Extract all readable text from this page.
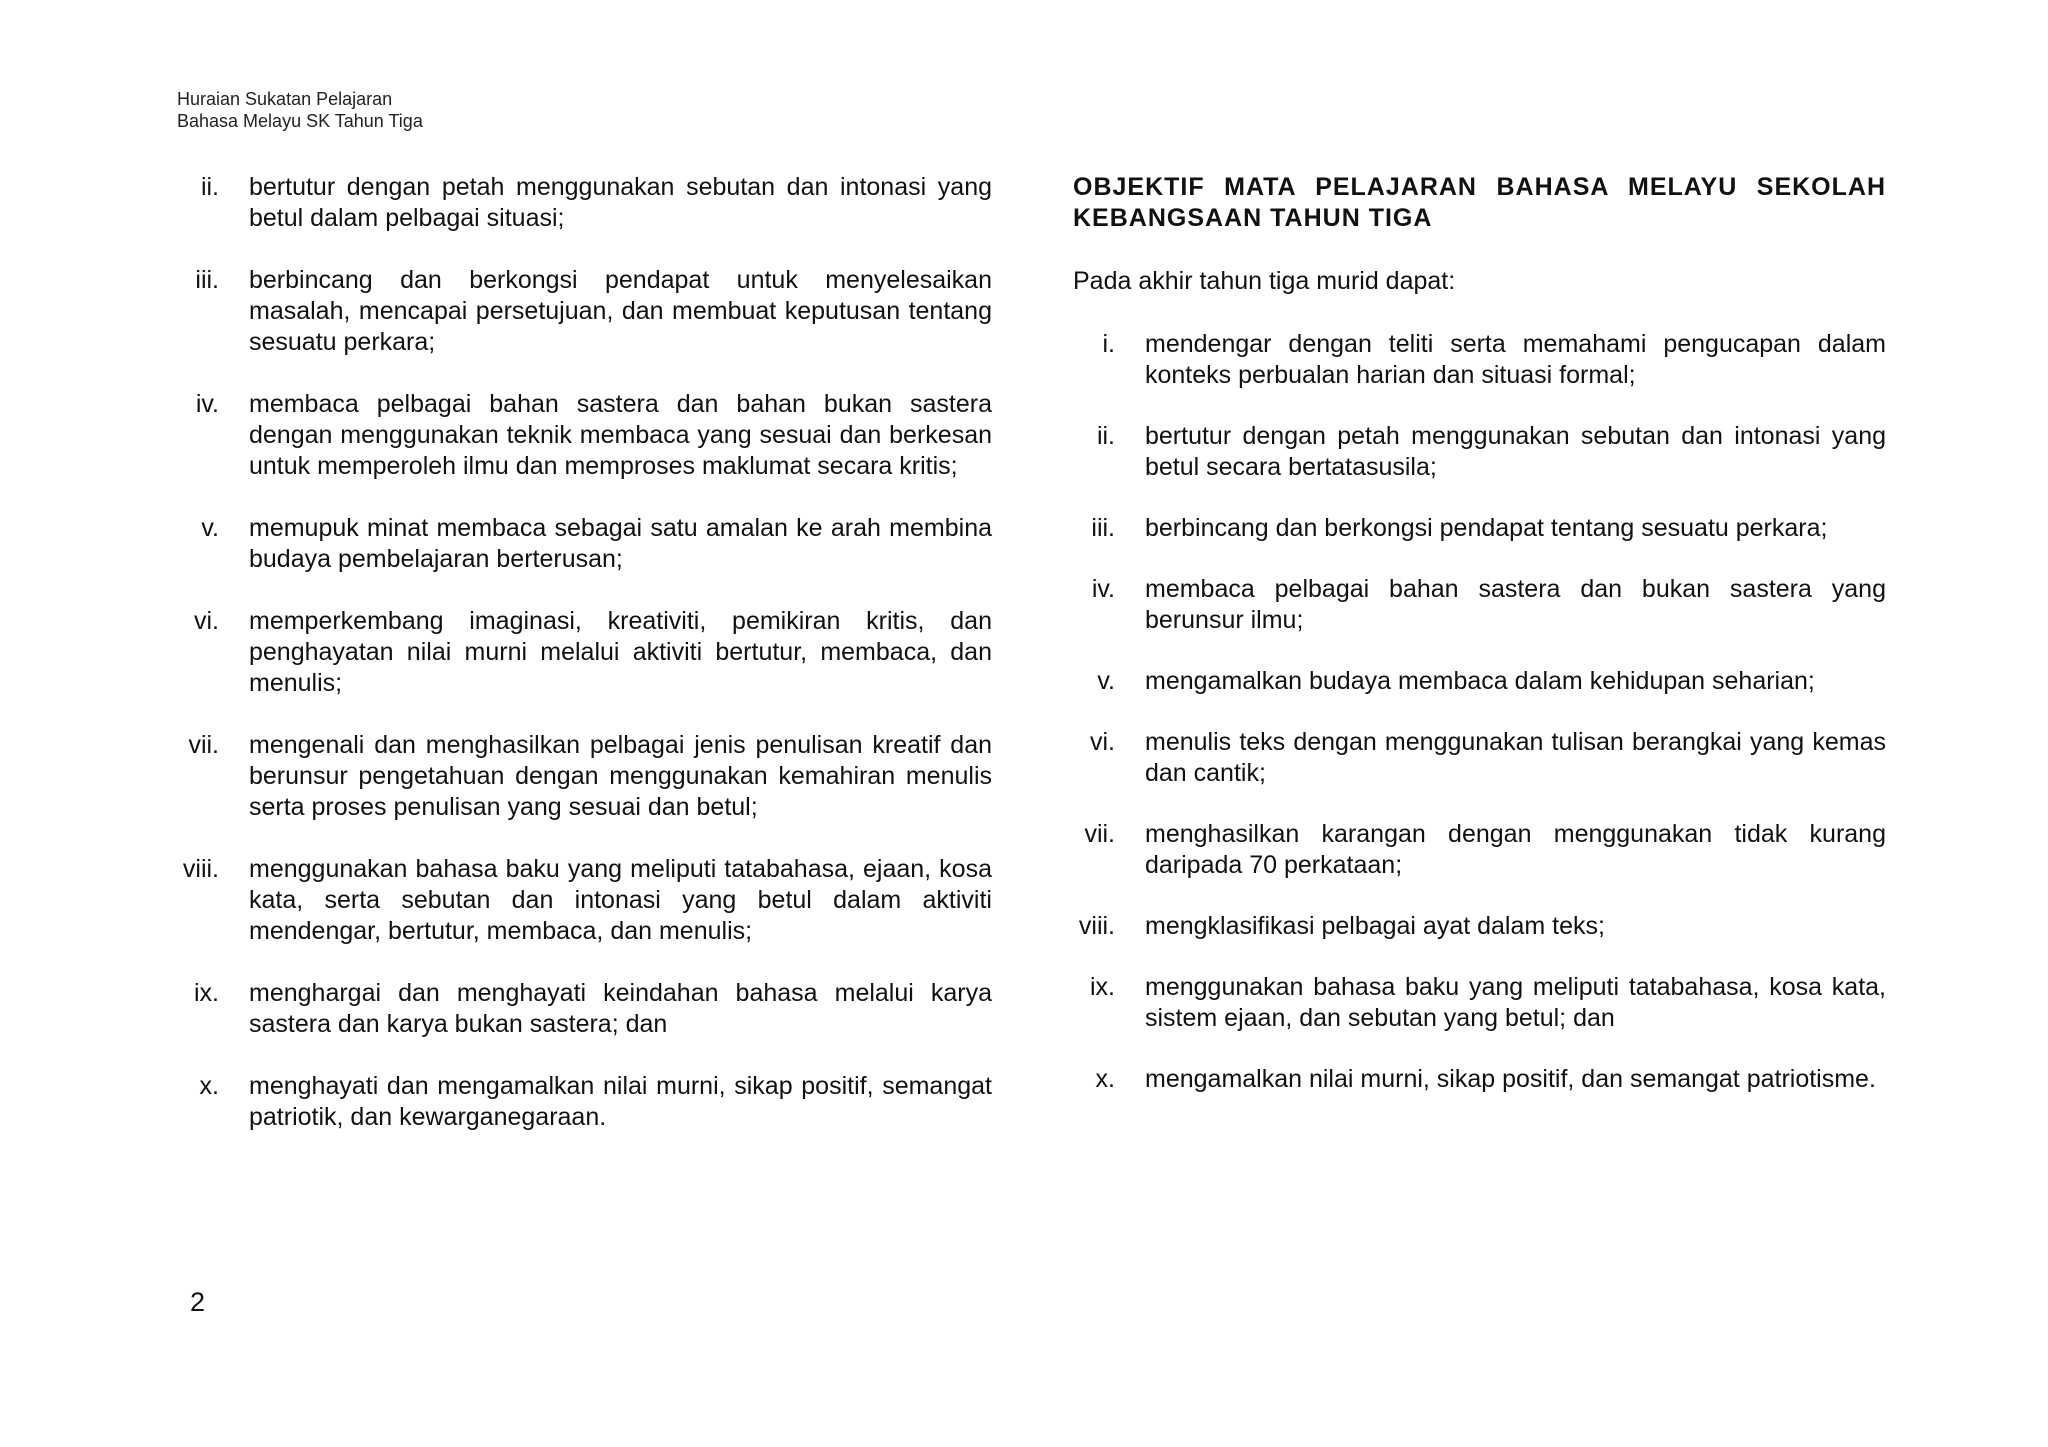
Huraian Sukatan Pelajaran
Bahasa Melayu SK Tahun Tiga
ii. bertutur dengan petah menggunakan sebutan dan intonasi yang betul dalam pelbagai situasi;
iii. berbincang dan berkongsi pendapat untuk menyelesaikan masalah, mencapai persetujuan, dan membuat keputusan tentang sesuatu perkara;
iv. membaca pelbagai bahan sastera dan bahan bukan sastera dengan menggunakan teknik membaca yang sesuai dan berkesan untuk memperoleh ilmu dan memproses maklumat secara kritis;
v. memupuk minat membaca sebagai satu amalan ke arah membina budaya pembelajaran berterusan;
vi. memperkembang imaginasi, kreativiti, pemikiran kritis, dan penghayatan nilai murni melalui aktiviti bertutur, membaca, dan menulis;
vii. mengenali dan menghasilkan pelbagai jenis penulisan kreatif dan berunsur pengetahuan dengan menggunakan kemahiran menulis serta proses penulisan yang sesuai dan betul;
viii. menggunakan bahasa baku yang meliputi tatabahasa, ejaan, kosa kata, serta sebutan dan intonasi yang betul dalam aktiviti mendengar, bertutur, membaca, dan menulis;
ix. menghargai dan menghayati keindahan bahasa melalui karya sastera dan karya bukan sastera; dan
x. menghayati dan mengamalkan nilai murni, sikap positif, semangat patriotik, dan kewarganegaraan.
OBJEKTIF MATA PELAJARAN BAHASA MELAYU SEKOLAH KEBANGSAAN TAHUN TIGA
Pada akhir tahun tiga murid dapat:
i. mendengar dengan teliti serta memahami pengucapan dalam konteks perbualan harian dan situasi formal;
ii. bertutur dengan petah menggunakan sebutan dan intonasi yang betul secara bertatasusila;
iii. berbincang dan berkongsi pendapat tentang sesuatu perkara;
iv. membaca pelbagai bahan sastera dan bukan sastera yang berunsur ilmu;
v. mengamalkan budaya membaca dalam kehidupan seharian;
vi. menulis teks dengan menggunakan tulisan berangkai yang kemas dan cantik;
vii. menghasilkan karangan dengan menggunakan tidak kurang daripada 70 perkataan;
viii. mengklasifikasi pelbagai ayat dalam teks;
ix. menggunakan bahasa baku yang meliputi tatabahasa, kosa kata, sistem ejaan, dan sebutan yang betul; dan
x. mengamalkan nilai murni, sikap positif, dan semangat patriotisme.
2
